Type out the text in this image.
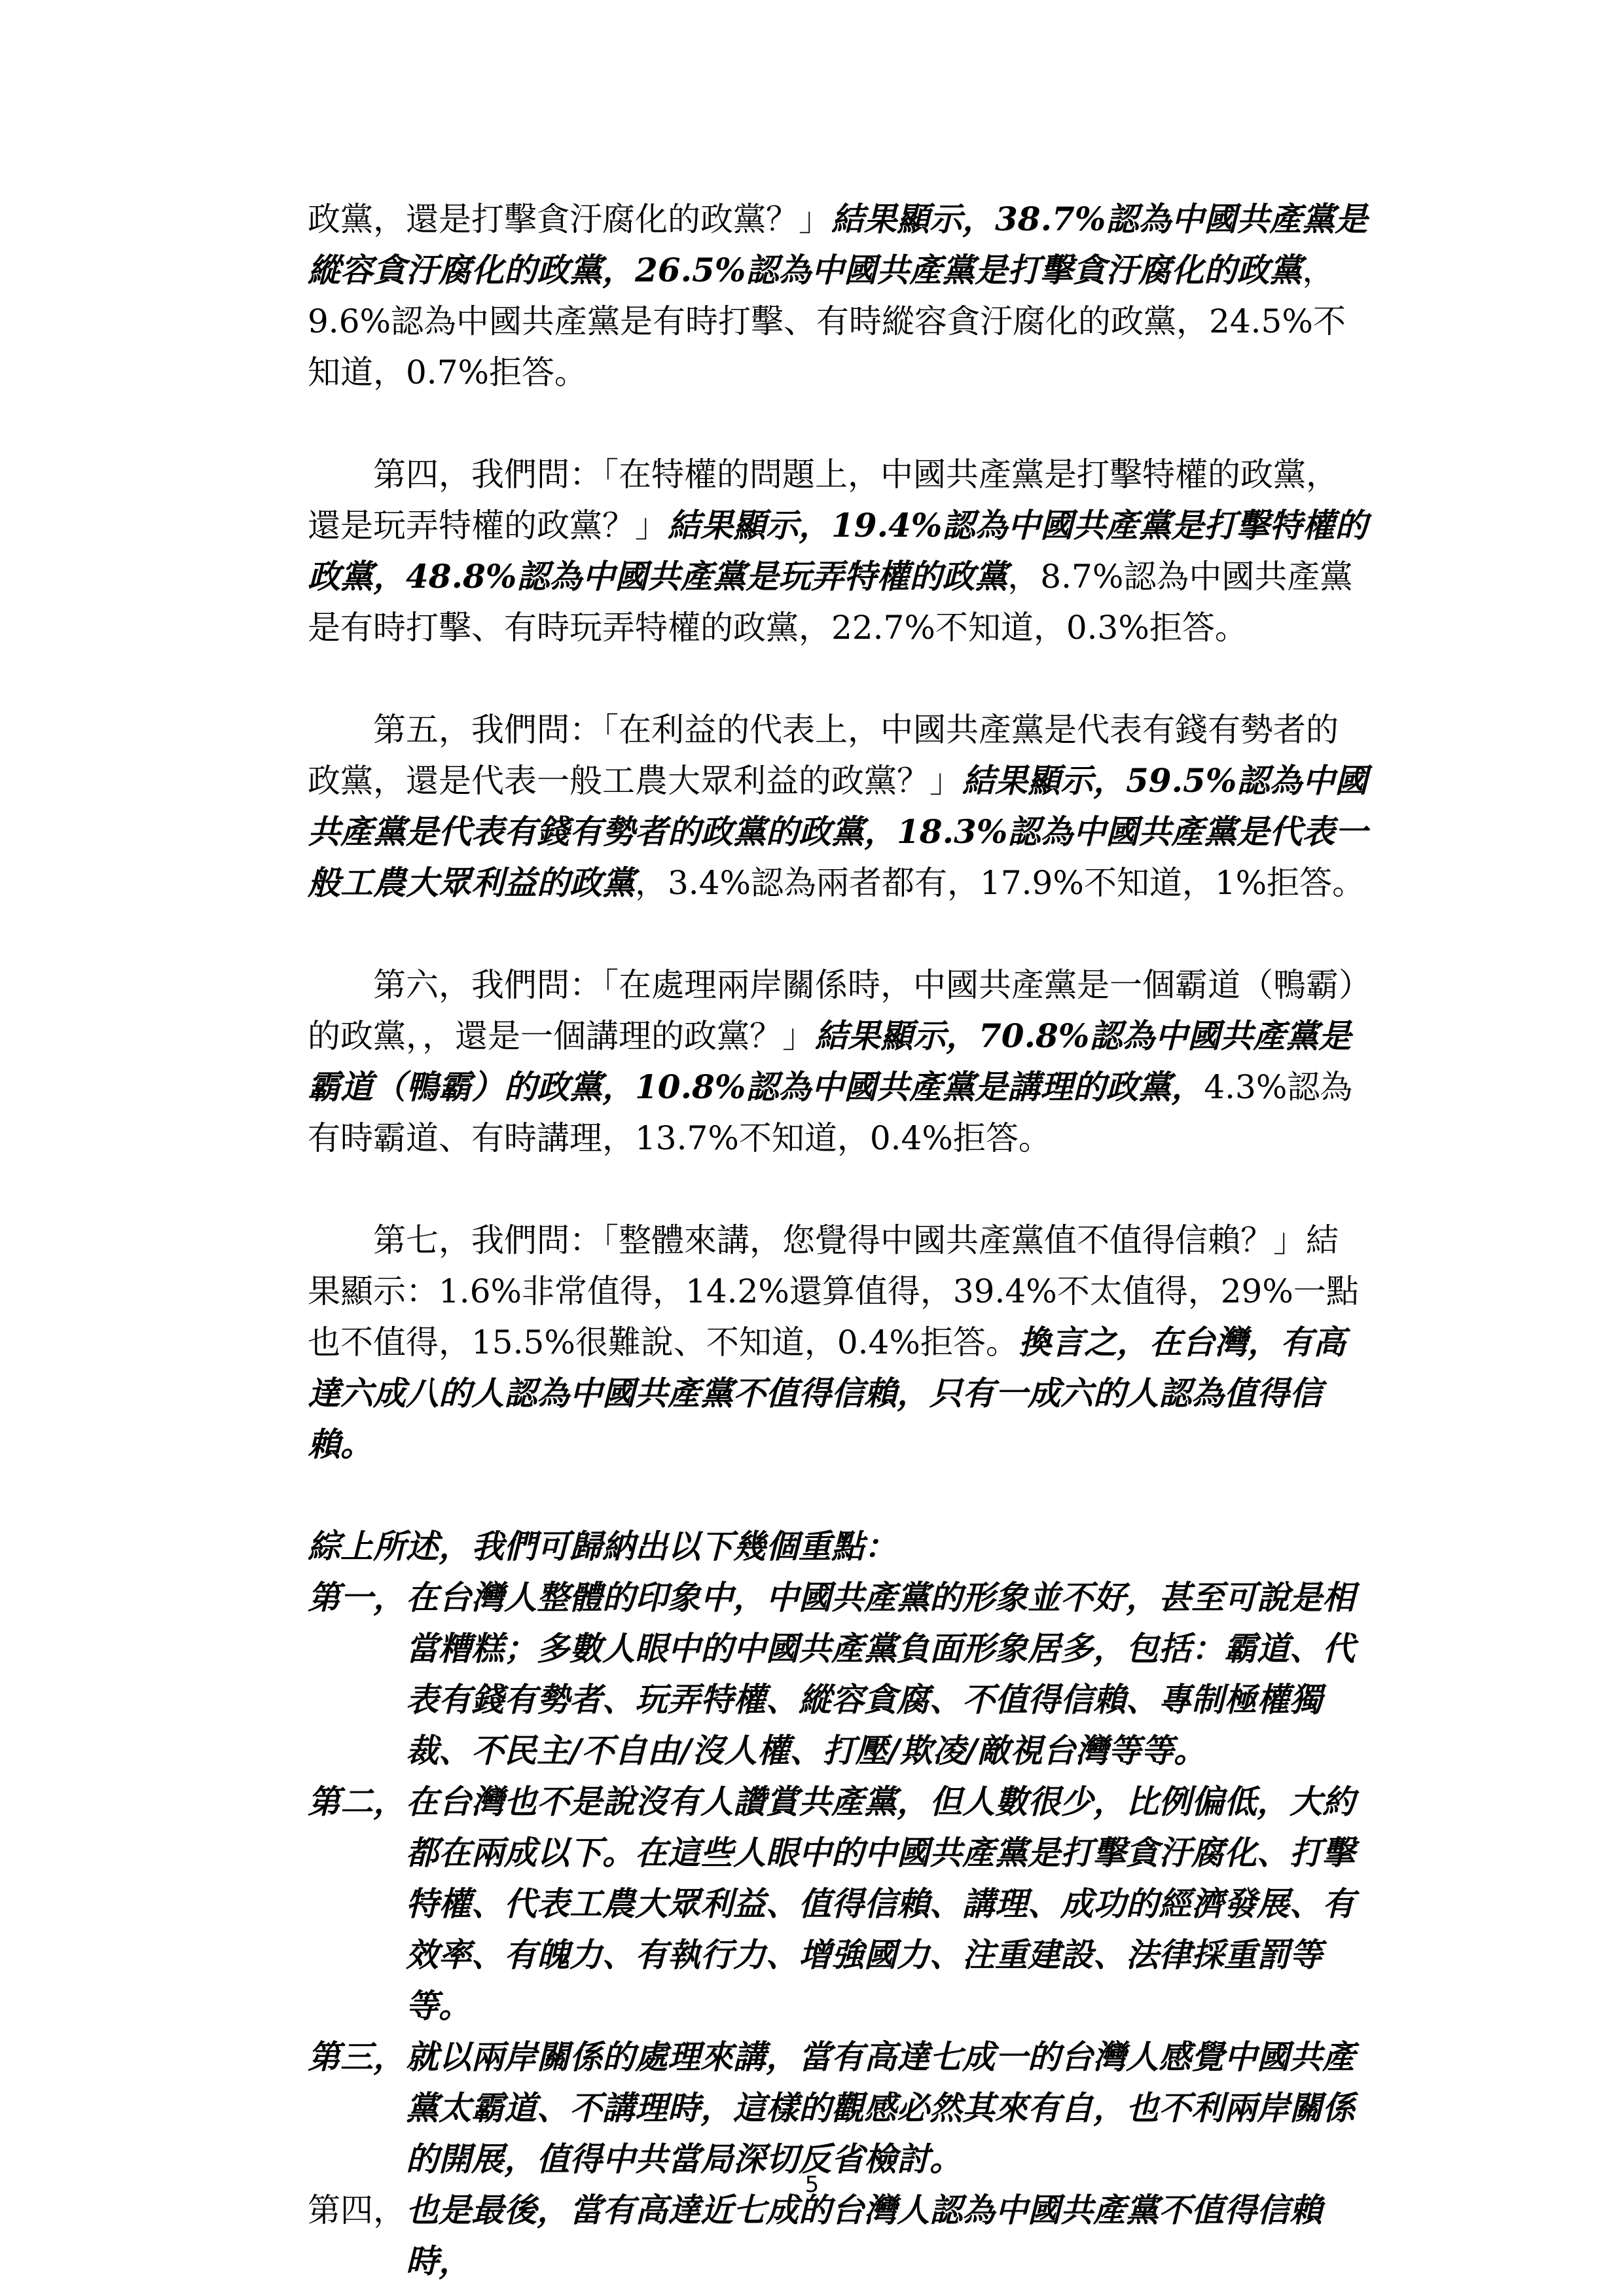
政黨，還是打擊貪汙腐化的政黨？」結果顯示，38.7%認為中國共產黨是縱容貪汙腐化的政黨，26.5%認為中國共產黨是打擊貪汙腐化的政黨，9.6%認為中國共產黨是有時打擊、有時縱容貪汙腐化的政黨，24.5%不知道，0.7%拒答。

第四，我們問：「在特權的問題上，中國共產黨是打擊特權的政黨，還是玩弄特權的政黨？」結果顯示，19.4%認為中國共產黨是打擊特權的政黨，48.8%認為中國共產黨是玩弄特權的政黨，8.7%認為中國共產黨是有時打擊、有時玩弄特權的政黨，22.7%不知道，0.3%拒答。

第五，我們問：「在利益的代表上，中國共產黨是代表有錢有勢者的政黨，還是代表一般工農大眾利益的政黨？」結果顯示，59.5%認為中國共產黨是代表有錢有勢者的政黨的政黨，18.3%認為中國共產黨是代表一般工農大眾利益的政黨，3.4%認為兩者都有，17.9%不知道，1%拒答。

第六，我們問：「在處理兩岸關係時，中國共產黨是一個霸道（鴨霸）的政黨，，還是一個講理的政黨？」結果顯示，70.8%認為中國共產黨是霸道（鴨霸）的政黨，10.8%認為中國共產黨是講理的政黨，4.3%認為有時霸道、有時講理，13.7%不知道，0.4%拒答。

第七，我們問：「整體來講，您覺得中國共產黨值不值得信賴？」結果顯示：1.6%非常值得，14.2%還算值得，39.4%不太值得，29%一點也不值得，15.5%很難說、不知道，0.4%拒答。換言之，在台灣，有高達六成八的人認為中國共產黨不值得信賴，只有一成六的人認為值得信賴。

綜上所述，我們可歸納出以下幾個重點：
第一， 在台灣人整體的印象中，中國共產黨的形象並不好，甚至可說是相當糟糕；多數人眼中的中國共產黨負面形象居多，包括：霸道、代表有錢有勢者、玩弄特權、縱容貪腐、不值得信賴、專制極權獨裁、不民主/不自由/沒人權、打壓/欺凌/敵視台灣等等。
第二， 在台灣也不是說沒有人讚賞共產黨，但人數很少，比例偏低，大約都在兩成以下。在這些人眼中的中國共產黨是打擊貪汙腐化、打擊特權、代表工農大眾利益、值得信賴、講理、成功的經濟發展、有效率、有魄力、有執行力、增強國力、注重建設、法律採重罰等等。
第三， 就以兩岸關係的處理來講，當有高達七成一的台灣人感覺中國共產黨太霸道、不講理時，這樣的觀感必然其來有自，也不利兩岸關係的開展，值得中共當局深切反省檢討。
第四， 也是最後，當有高達近七成的台灣人認為中國共產黨不值得信賴時，
5
